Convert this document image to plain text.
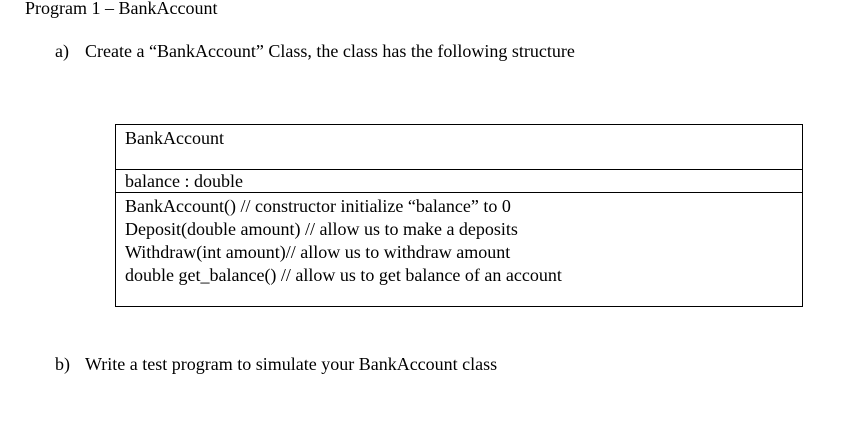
Program 1 – BankAccount
a) Create a “BankAccount” Class, the class has the following structure
BankAccount
balance : double
BankAccount() // constructor initialize “balance” to 0
Deposit(double amount) // allow us to make a deposits
Withdraw(int amount)// allow us to withdraw amount
double get_balance() // allow us to get balance of an account
b) Write a test program to simulate your BankAccount class
